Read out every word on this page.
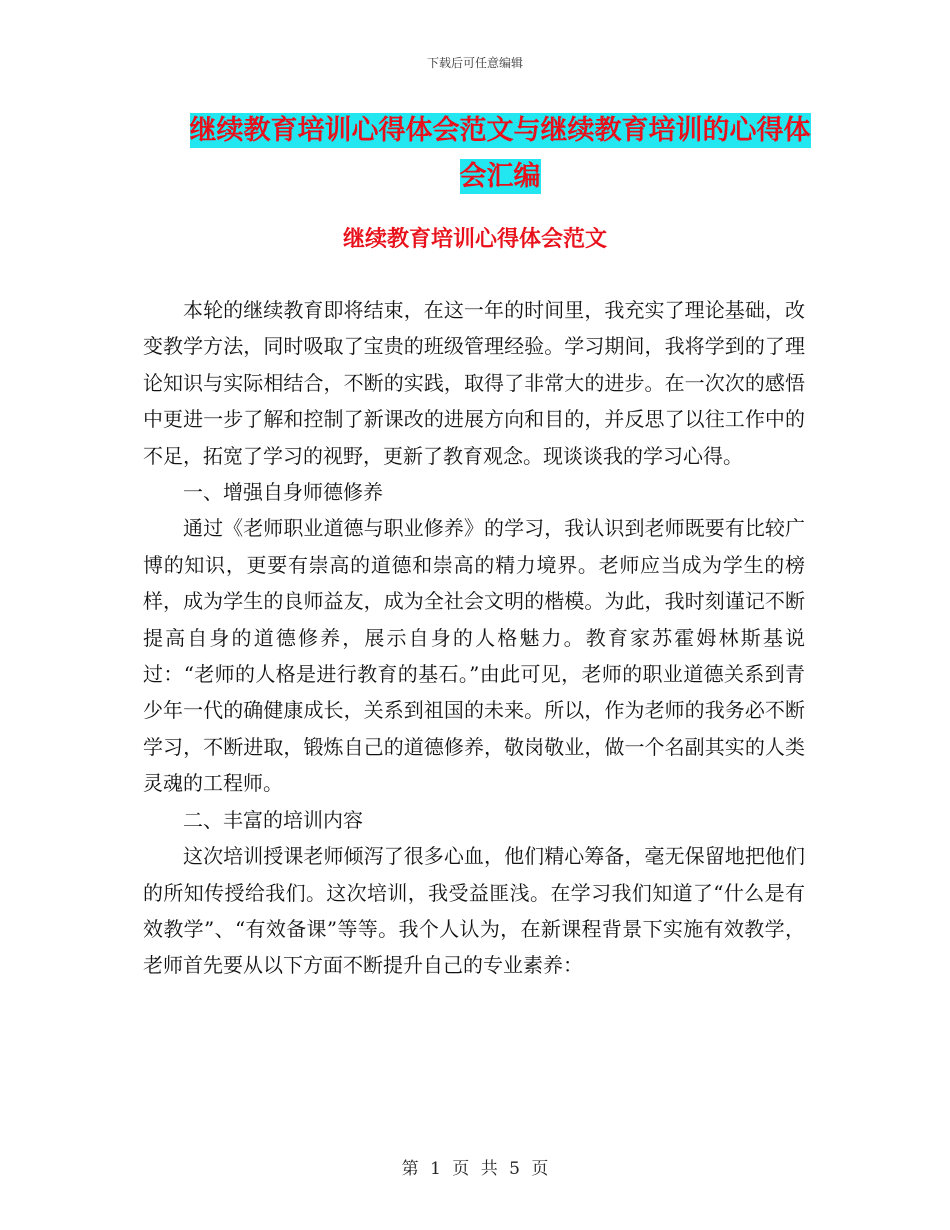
下载后可任意编辑
继续教育培训心得体会范文与继续教育培训的心得体
会汇编
继续教育培训心得体会范文

本轮的继续教育即将结束，在这一年的时间里，我充实了理论基础，改变教学方法，同时吸取了宝贵的班级管理经验。学习期间，我将学到的了理论知识与实际相结合，不断的实践，取得了非常大的进步。在一次次的感悟中更进一步了解和控制了新课改的进展方向和目的，并反思了以往工作中的不足，拓宽了学习的视野，更新了教育观念。现谈谈我的学习心得。

一、增强自身师德修养

通过《老师职业道德与职业修养》的学习，我认识到老师既要有比较广博的知识，更要有崇高的道德和崇高的精力境界。老师应当成为学生的榜样，成为学生的良师益友，成为全社会文明的楷模。为此，我时刻谨记不断提高自身的道德修养，展示自身的人格魅力。教育家苏霍姆林斯基说过：“老师的人格是进行教育的基石。”由此可见，老师的职业道德关系到青少年一代的确健康成长，关系到祖国的未来。所以，作为老师的我务必不断学习，不断进取，锻炼自己的道德修养，敬岗敬业，做一个名副其实的人类灵魂的工程师。

二、丰富的培训内容

这次培训授课老师倾泻了很多心血，他们精心筹备，毫无保留地把他们的所知传授给我们。这次培训，我受益匪浅。在学习我们知道了“什么是有效教学”、“有效备课”等等。我个人认为，在新课程背景下实施有效教学，老师首先要从以下方面不断提升自己的专业素养：

第 1 页 共 5 页
